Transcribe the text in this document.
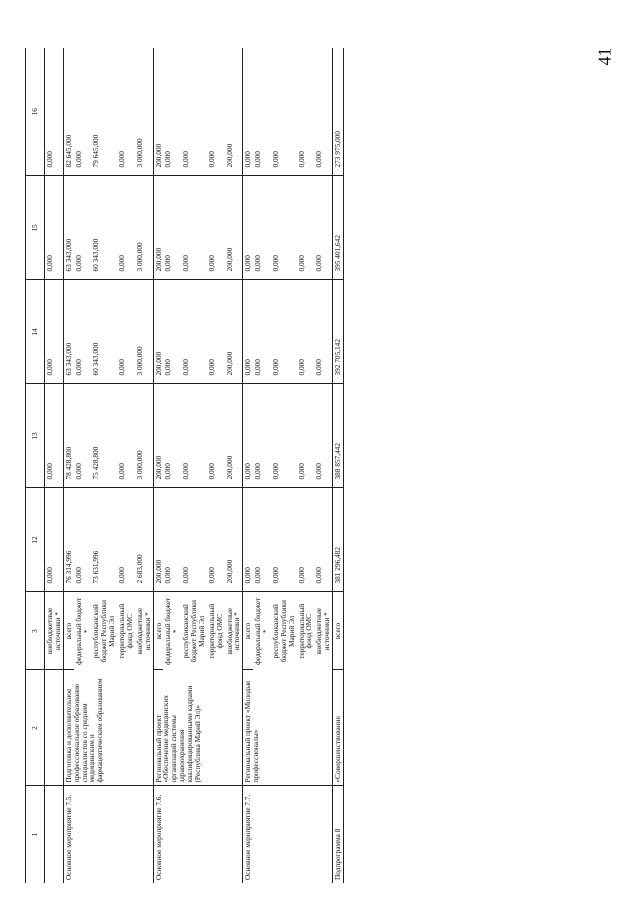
41
1	2	3	12	13	14	15	16
		внебюджетные источники *	0,000	0,000	0,000	0,000	0,000
Основное мероприятие 7.5.	Подготовка и дополнительное профессиональное образование специалистов со средним медицинским и фармацевтическим образованием	всего	76 314,996	78 428,800	63 343,000	63 343,000	82 645,000
		федеральный бюджет *	0,000	0,000	0,000	0,000	0,000
		республиканский бюджет Республики Марий Эл	73 631,996	75 428,800	60 343,000	60 343,000	79 645,000
		территориальный фонд ОМС	0,000	0,000	0,000	0,000	0,000
		внебюджетные источники *	2 683,000	3 000,000	3 000,000	3 000,000	3 000,000
Основное мероприятие 7.6.	Региональный проект «Обеспечение медицинских организаций системы здравоохранения квалифицированными кадрами (Республика Марий Эл)»	всего	200,000	200,000	200,000	200,000	200,000
		федеральный бюджет *	0,000	0,000	0,000	0,000	0,000
		республиканский бюджет Республики Марий Эл	0,000	0,000	0,000	0,000	0,000
		территориальный фонд ОМС	0,000	0,000	0,000	0,000	0,000
		внебюджетные источники *	200,000	200,000	200,000	200,000	200,000
Основное мероприятие 7.7.	Региональный проект «Молодые профессионалы»	всего	0,000	0,000	0,000	0,000	0,000
		федеральный бюджет *	0,000	0,000	0,000	0,000	0,000
		республиканский бюджет Республики Марий Эл	0,000	0,000	0,000	0,000	0,000
		территориальный фонд ОМС	0,000	0,000	0,000	0,000	0,000
		внебюджетные источники *	0,000	0,000	0,000	0,000	0,000
Подпрограмма 8	«Совершенствование	всего	381 296,482	388 857,442	392 705,142	395 401,642	273 975,000
